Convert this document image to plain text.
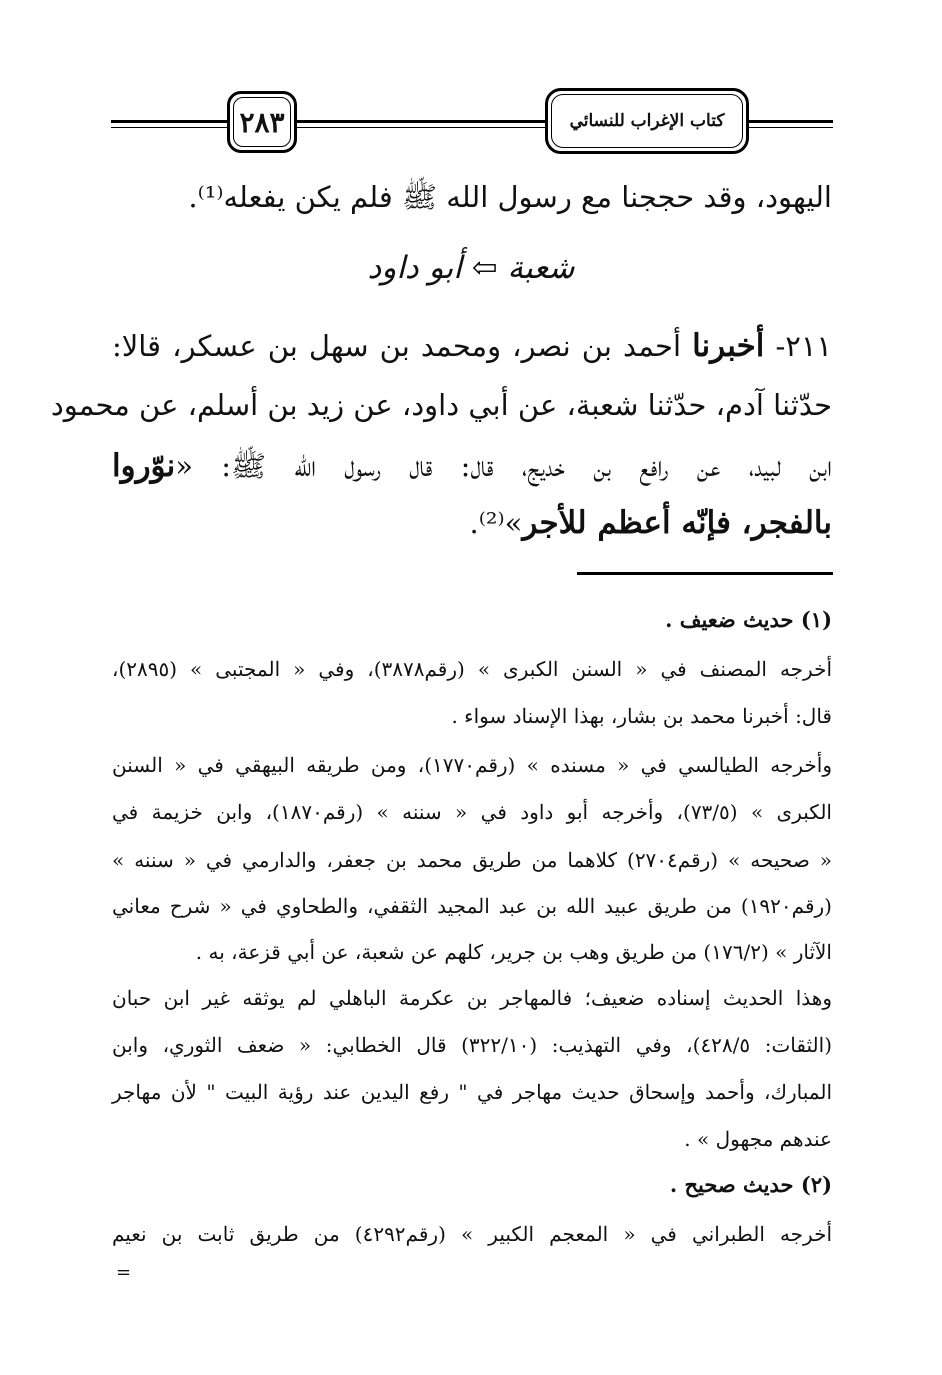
٢٨٣	كتاب الإغراب للنسائي
اليهود، وقد حججنا مع رسول الله ﷺ فلم يكن يفعله⁽¹⁾.
شعبة ⇦ أبو داود
٢١١- أخبرنا أحمد بن نصر، ومحمد بن سهل بن عسكر، قالا:
حدّثنا آدم، حدّثنا شعبة، عن أبي داود، عن زيد بن أسلم، عن محمود
ابن لبيد، عن رافع بن خديج، قال: قال رسول الله ﷺ: «نوّروا
بالفجر، فإنّه أعظم للأجر»⁽²⁾.
(١) حديث ضعيف .
أخرجه المصنف في « السنن الكبرى » (رقم٣٨٧٨)، وفي « المجتبى » (٢٨٩٥)،
قال: أخبرنا محمد بن بشار، بهذا الإسناد سواء .
وأخرجه الطيالسي في « مسنده » (رقم١٧٧٠)، ومن طريقه البيهقي في « السنن
الكبرى » (٧٣/٥)، وأخرجه أبو داود في « سننه » (رقم١٨٧٠)، وابن خزيمة في
« صحيحه » (رقم٢٧٠٤) كلاهما من طريق محمد بن جعفر، والدارمي في « سننه »
(رقم١٩٢٠) من طريق عبيد الله بن عبد المجيد الثقفي، والطحاوي في « شرح معاني
الآثار » (١٧٦/٢) من طريق وهب بن جرير، كلهم عن شعبة، عن أبي قزعة، به .
وهذا الحديث إسناده ضعيف؛ فالمهاجر بن عكرمة الباهلي لم يوثقه غير ابن حبان
(الثقات: ٤٢٨/٥)، وفي التهذيب: (٣٢٢/١٠) قال الخطابي: « ضعف الثوري، وابن
المبارك، وأحمد وإسحاق حديث مهاجر في " رفع اليدين عند رؤية البيت " لأن مهاجر
عندهم مجهول » .
(٢) حديث صحيح .
أخرجه الطبراني في « المعجم الكبير » (رقم٤٢٩٢) من طريق ثابت بن نعيم
=
